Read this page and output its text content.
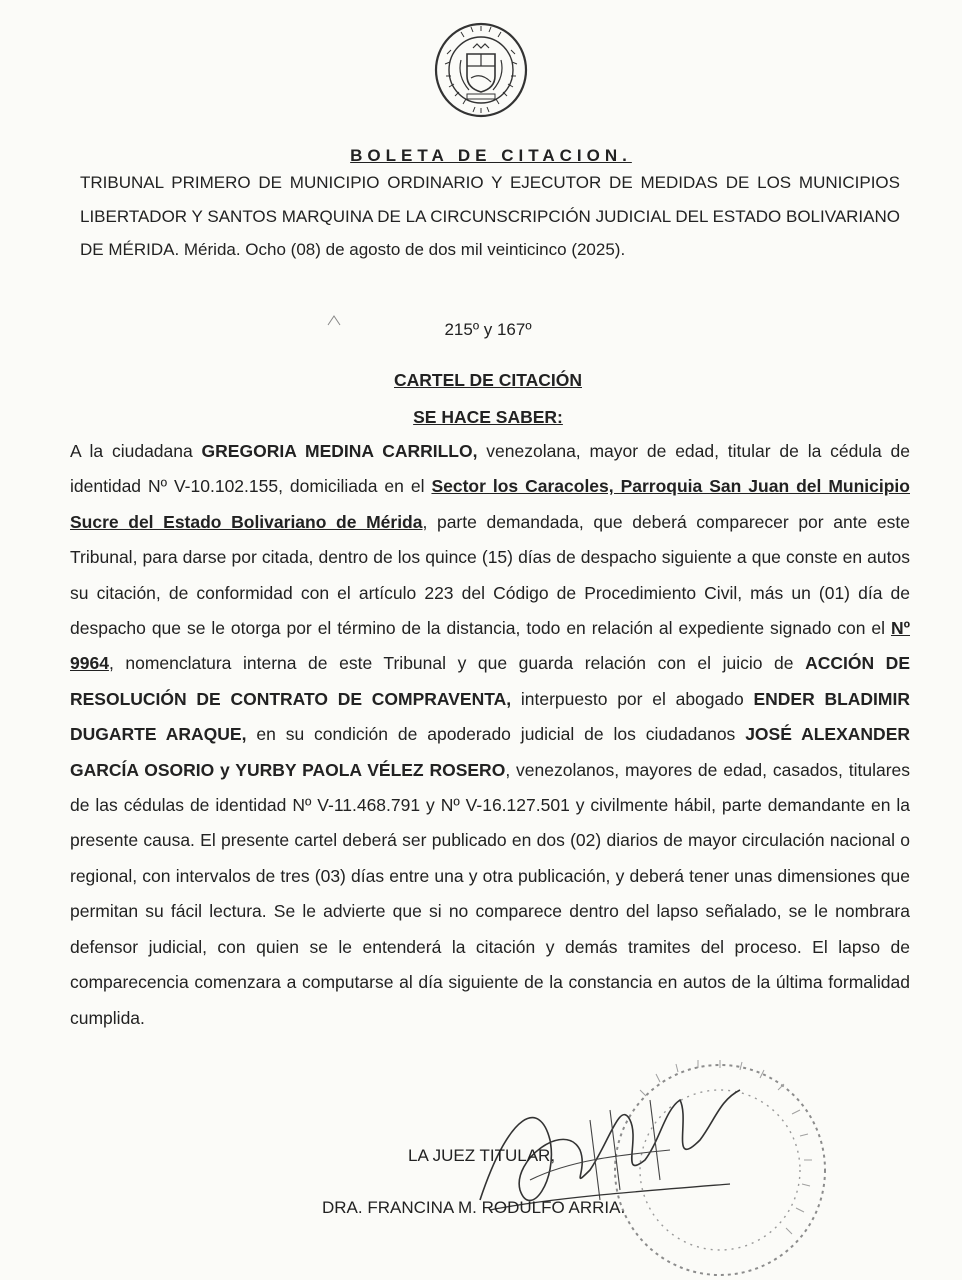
BOLETA DE CITACION.
TRIBUNAL PRIMERO DE MUNICIPIO ORDINARIO Y EJECUTOR DE MEDIDAS DE LOS MUNICIPIOS LIBERTADOR Y SANTOS MARQUINA DE LA CIRCUNSCRIPCIÓN JUDICIAL DEL ESTADO BOLIVARIANO DE MÉRIDA. Mérida. Ocho (08) de agosto de dos mil veinticinco (2025).
215º y 167º
CARTEL DE CITACIÓN
SE HACE SABER:
A la ciudadana GREGORIA MEDINA CARRILLO, venezolana, mayor de edad, titular de la cédula de identidad Nº V-10.102.155, domiciliada en el Sector los Caracoles, Parroquia San Juan del Municipio Sucre del Estado Bolivariano de Mérida, parte demandada, que deberá comparecer por ante este Tribunal, para darse por citada, dentro de los quince (15) días de despacho siguiente a que conste en autos su citación, de conformidad con el artículo 223 del Código de Procedimiento Civil, más un (01) día de despacho que se le otorga por el término de la distancia, todo en relación al expediente signado con el Nº 9964, nomenclatura interna de este Tribunal y que guarda relación con el juicio de ACCIÓN DE RESOLUCIÓN DE CONTRATO DE COMPRAVENTA, interpuesto por el abogado ENDER BLADIMIR DUGARTE ARAQUE, en su condición de apoderado judicial de los ciudadanos JOSÉ ALEXANDER GARCÍA OSORIO y YURBY PAOLA VÉLEZ ROSERO, venezolanos, mayores de edad, casados, titulares de las cédulas de identidad Nº V-11.468.791 y Nº V-16.127.501 y civilmente hábil, parte demandante en la presente causa. El presente cartel deberá ser publicado en dos (02) diarios de mayor circulación nacional o regional, con intervalos de tres (03) días entre una y otra publicación, y deberá tener unas dimensiones que permitan su fácil lectura. Se le advierte que si no comparece dentro del lapso señalado, se le nombrara defensor judicial, con quien se le entenderá la citación y demás tramites del proceso. El lapso de comparecencia comenzara a computarse al día siguiente de la constancia en autos de la última formalidad cumplida.
LA JUEZ TITULAR,
DRA. FRANCINA M. RODULFO ARRIA.
